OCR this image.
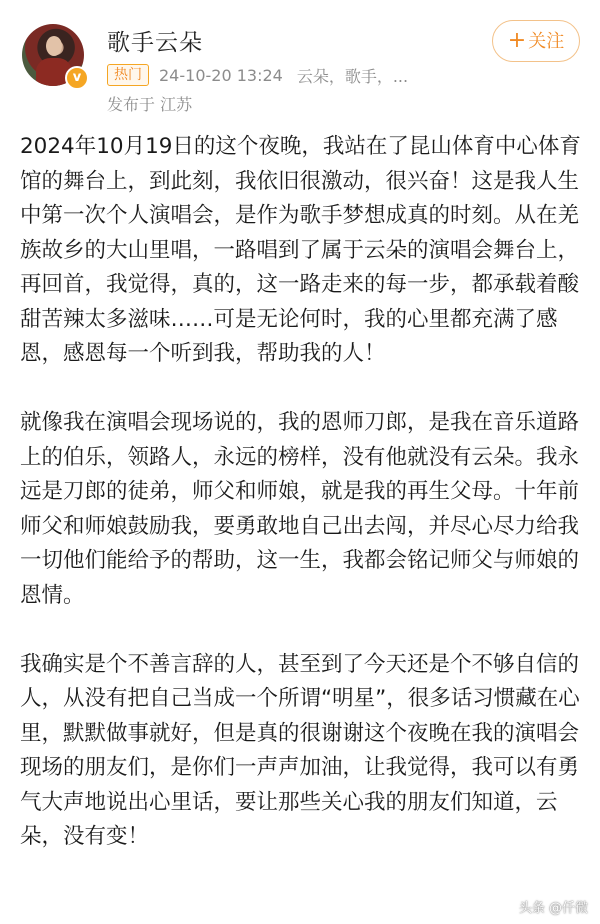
v
歌手云朵	+ 关注
热门	24-10-20 13:24 云朵，歌手，...
发布于 江苏

2024年10月19日的这个夜晚，我站在了昆山体育中心体育馆的舞台上，到此刻，我依旧很激动，很兴奋！这是我人生中第一次个人演唱会，是作为歌手梦想成真的时刻。从在羌族故乡的大山里唱，一路唱到了属于云朵的演唱会舞台上，再回首，我觉得，真的，这一路走来的每一步，都承载着酸甜苦辣太多滋味……可是无论何时，我的心里都充满了感恩，感恩每一个听到我，帮助我的人！

就像我在演唱会现场说的，我的恩师刀郎，是我在音乐道路上的伯乐，领路人，永远的榜样，没有他就没有云朵。我永远是刀郎的徒弟，师父和师娘，就是我的再生父母。十年前师父和师娘鼓励我，要勇敢地自己出去闯，并尽心尽力给我一切他们能给予的帮助，这一生，我都会铭记师父与师娘的恩情。

我确实是个不善言辞的人，甚至到了今天还是个不够自信的人，从没有把自己当成一个所谓“明星”，很多话习惯藏在心里，默默做事就好，但是真的很谢谢这个夜晚在我的演唱会现场的朋友们，是你们一声声加油，让我觉得，我可以有勇气大声地说出心里话，要让那些关心我的朋友们知道，云朵，没有变！

头条 @仟微
